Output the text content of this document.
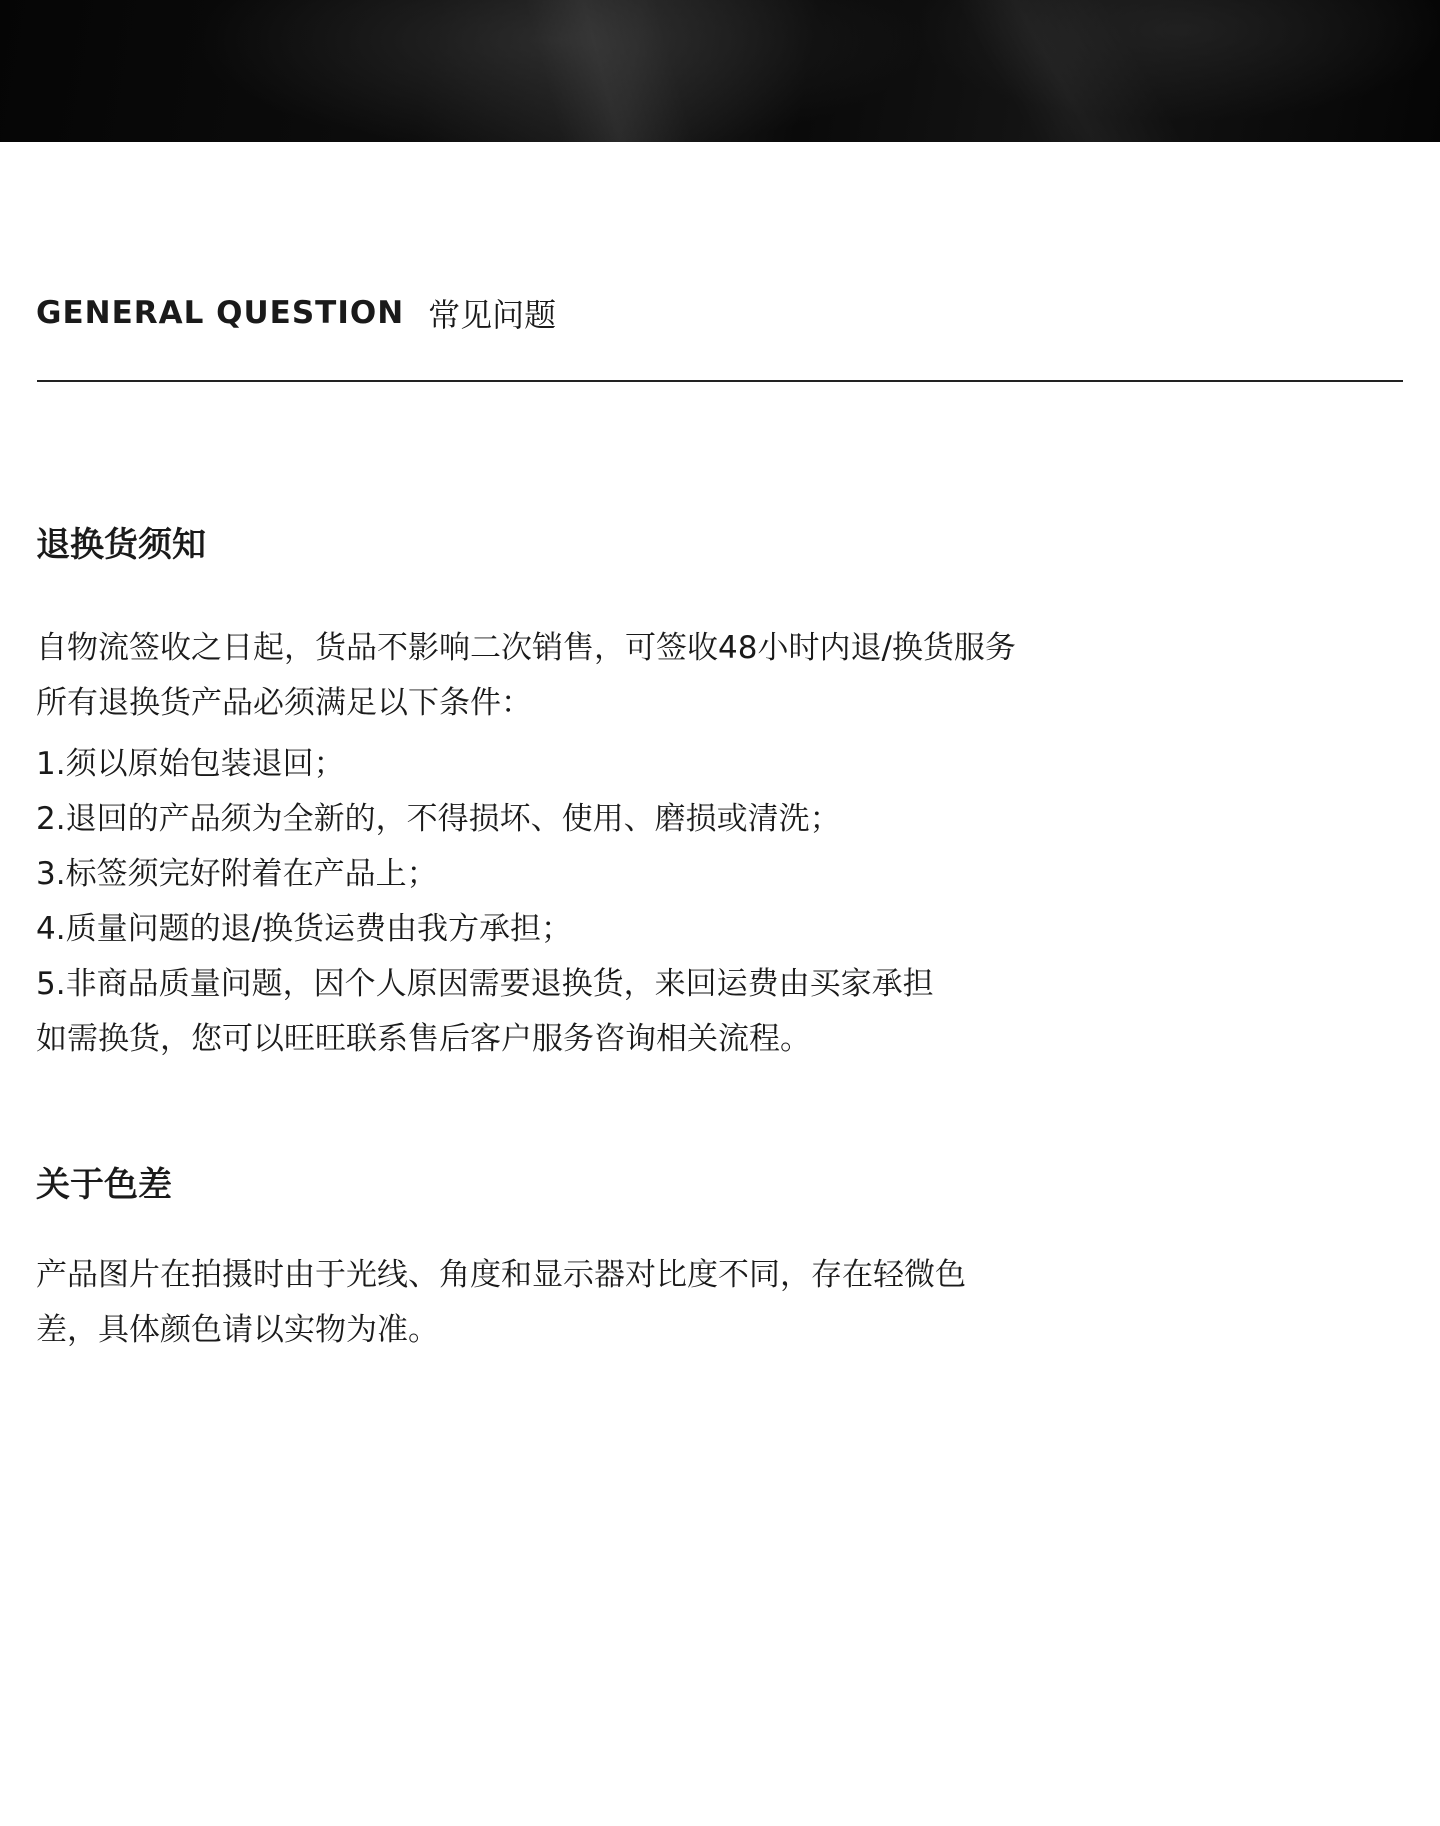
GENERAL QUESTION 常见问题
退换货须知
自物流签收之日起，货品不影响二次销售，可签收48小时内退/换货服务
所有退换货产品必须满足以下条件：
1.须以原始包装退回；
2.退回的产品须为全新的，不得损坏、使用、磨损或清洗；
3.标签须完好附着在产品上；
4.质量问题的退/换货运费由我方承担；
5.非商品质量问题，因个人原因需要退换货，来回运费由买家承担
如需换货，您可以旺旺联系售后客户服务咨询相关流程。
关于色差
产品图片在拍摄时由于光线、角度和显示器对比度不同，存在轻微色
差，具体颜色请以实物为准。
